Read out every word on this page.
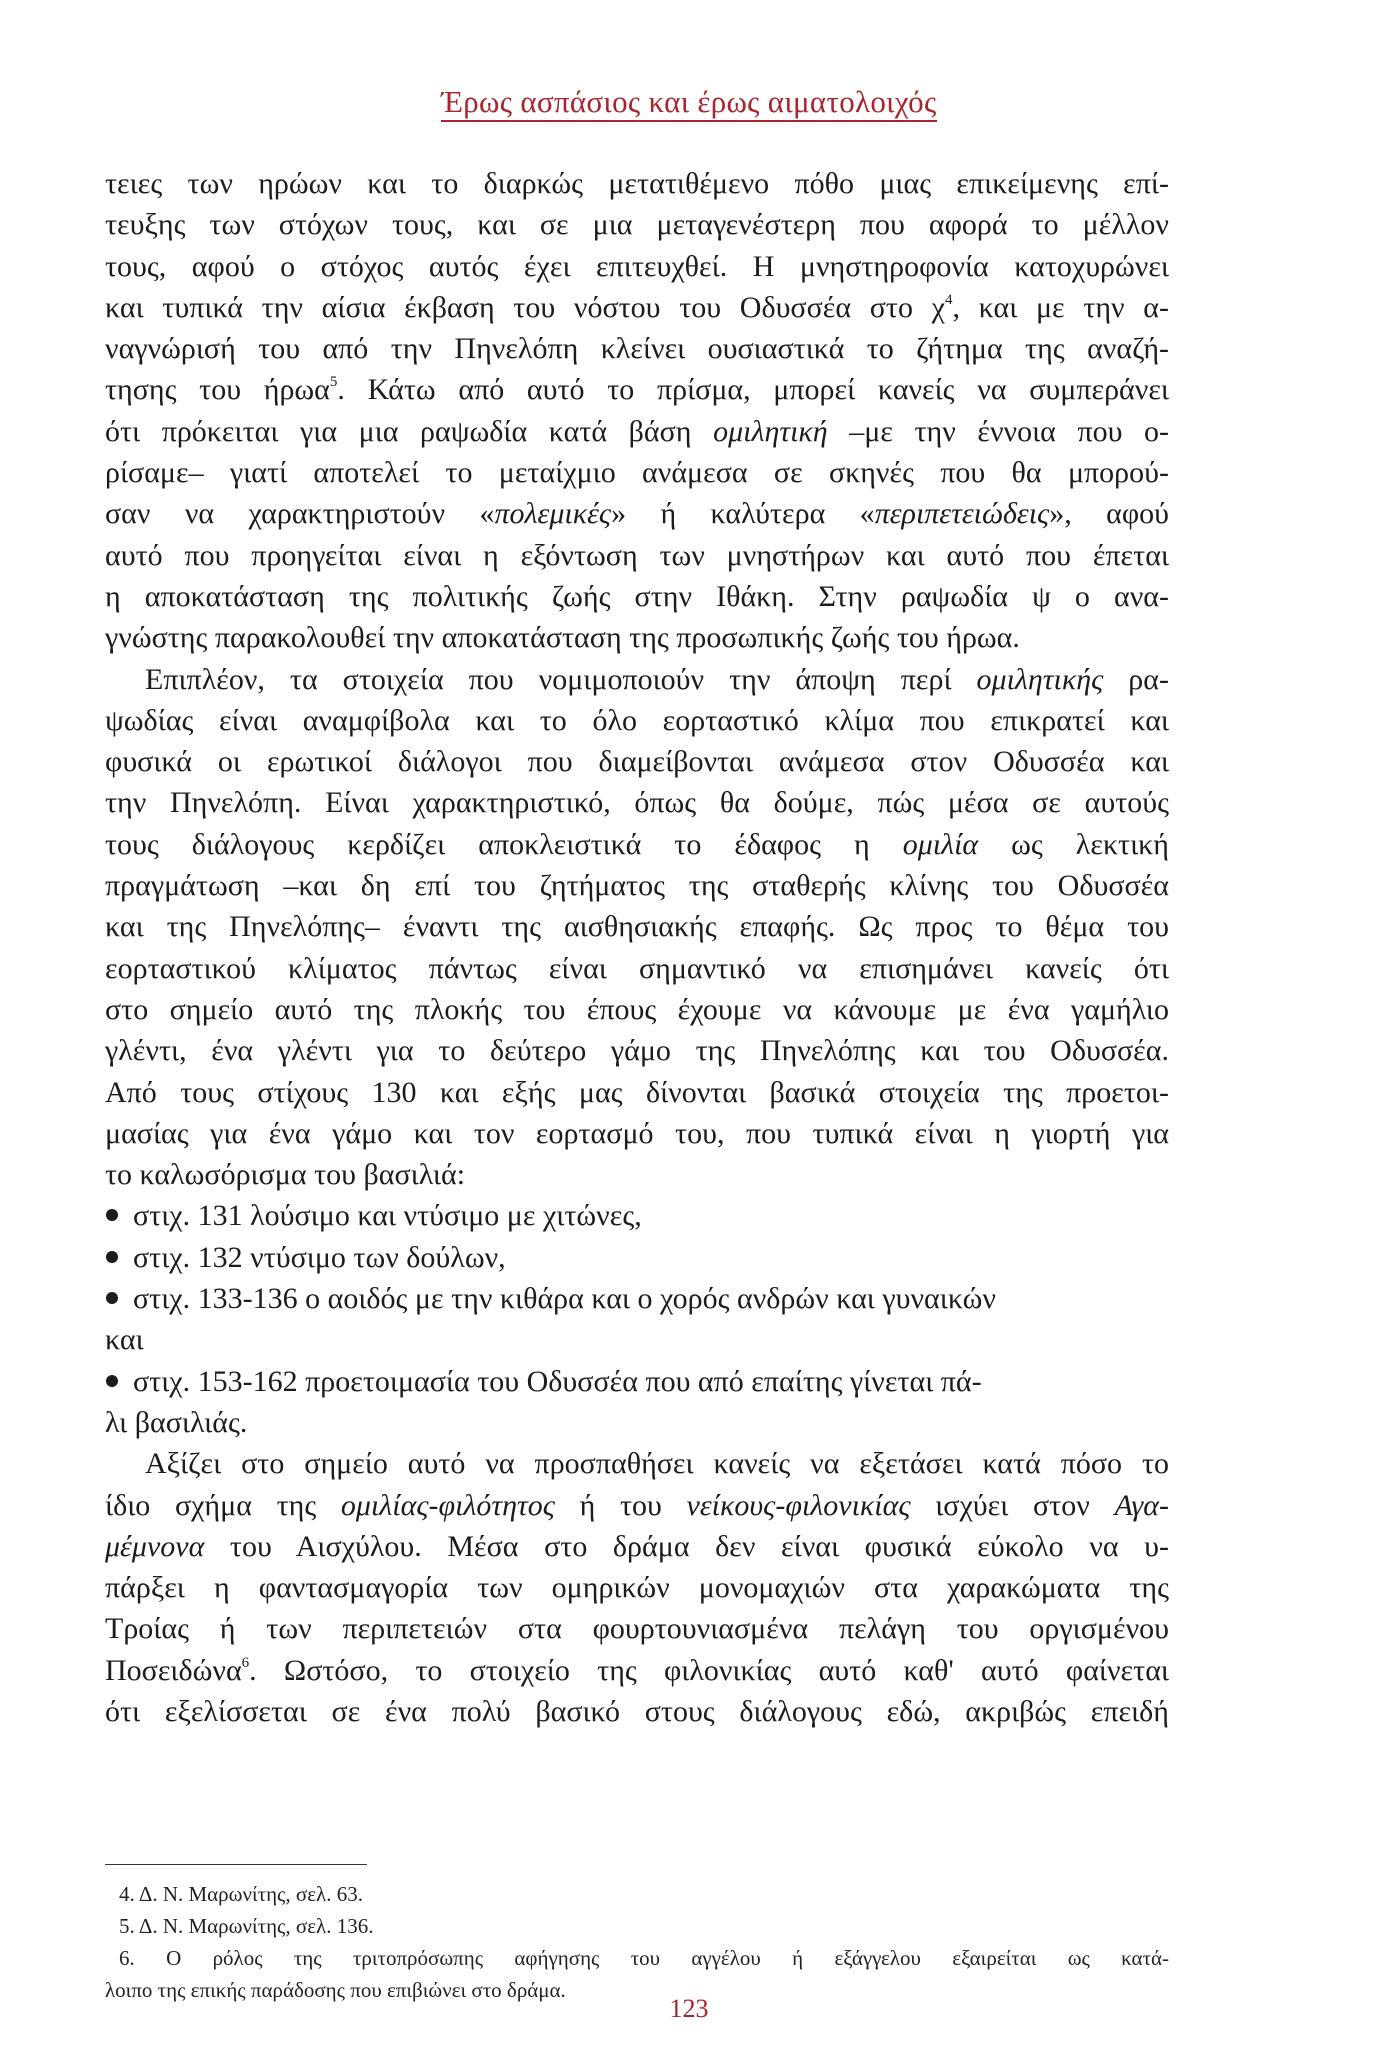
Έρως ασπάσιος και έρως αιματολοιχός
τειες των ηρώων και το διαρκώς μετατιθέμενο πόθο μιας επικείμενης επί-
τευξης των στόχων τους, και σε μια μεταγενέστερη που αφορά το μέλλον
τους, αφού ο στόχος αυτός έχει επιτευχθεί. Η μνηστηροφονία κατοχυρώνει
και τυπικά την αίσια έκβαση του νόστου του Οδυσσέα στο $\chi^4$, και με την α-
ναγνώρισή του από την Πηνελόπη κλείνει ουσιαστικά το ζήτημα της αναζή-
τησης του ήρωα$^5$. Κάτω από αυτό το πρίσμα, μπορεί κανείς να συμπεράνει
ότι πρόκειται για μια ραψωδία κατά βάση ομιλητική –με την έννοια που ο-
ρίσαμε– γιατί αποτελεί το μεταίχμιο ανάμεσα σε σκηνές που θα μπορού-
σαν να χαρακτηριστούν «πολεμικές» ή καλύτερα «περιπετειώδεις», αφού
αυτό που προηγείται είναι η εξόντωση των μνηστήρων και αυτό που έπεται
η αποκατάσταση της πολιτικής ζωής στην Ιθάκη. Στην ραψωδία ψ ο ανα-
γνώστης παρακολουθεί την αποκατάσταση της προσωπικής ζωής του ήρωα.
Επιπλέον, τα στοιχεία που νομιμοποιούν την άποψη περί ομιλητικής ρα-
ψωδίας είναι αναμφίβολα και το όλο εορταστικό κλίμα που επικρατεί και
φυσικά οι ερωτικοί διάλογοι που διαμείβονται ανάμεσα στον Οδυσσέα και
την Πηνελόπη. Είναι χαρακτηριστικό, όπως θα δούμε, πώς μέσα σε αυτούς
τους διάλογους κερδίζει αποκλειστικά το έδαφος η ομιλία ως λεκτική
πραγμάτωση –και δη επί του ζητήματος της σταθερής κλίνης του Οδυσσέα
και της Πηνελόπης– έναντι της αισθησιακής επαφής. Ως προς το θέμα του
εορταστικού κλίματος πάντως είναι σημαντικό να επισημάνει κανείς ότι
στο σημείο αυτό της πλοκής του έπους έχουμε να κάνουμε με ένα γαμήλιο
γλέντι, ένα γλέντι για το δεύτερο γάμο της Πηνελόπης και του Οδυσσέα.
Από τους στίχους 130 και εξής μας δίνονται βασικά στοιχεία της προετοι-
μασίας για ένα γάμο και τον εορτασμό του, που τυπικά είναι η γιορτή για
το καλωσόρισμα του βασιλιά:
στιχ. 131 λούσιμο και ντύσιμο με χιτώνες,
στιχ. 132 ντύσιμο των δούλων,
στιχ. 133-136 ο αοιδός με την κιθάρα και ο χορός ανδρών και γυναικών
και
στιχ. 153-162 προετοιμασία του Οδυσσέα που από επαίτης γίνεται πά-
λι βασιλιάς.
Αξίζει στο σημείο αυτό να προσπαθήσει κανείς να εξετάσει κατά πόσο το
ίδιο σχήμα της ομιλίας-φιλότητος ή του νείκους-φιλονικίας ισχύει στον Αγα-
μέμνονα του Αισχύλου. Μέσα στο δράμα δεν είναι φυσικά εύκολο να υ-
πάρξει η φαντασμαγορία των ομηρικών μονομαχιών στα χαρακώματα της
Τροίας ή των περιπετειών στα φουρτουνιασμένα πελάγη του οργισμένου
Ποσειδώνα$^6$. Ωστόσο, το στοιχείο της φιλονικίας αυτό καθ' αυτό φαίνεται
ότι εξελίσσεται σε ένα πολύ βασικό στους διάλογους εδώ, ακριβώς επειδή
4. Δ. Ν. Μαρωνίτης, σελ. 63.
5. Δ. Ν. Μαρωνίτης, σελ. 136.
6. Ο ρόλος της τριτοπρόσωπης αφήγησης του αγγέλου ή εξάγγελου εξαιρείται ως κατά-
λοιπο της επικής παράδοσης που επιβιώνει στο δράμα.
123
